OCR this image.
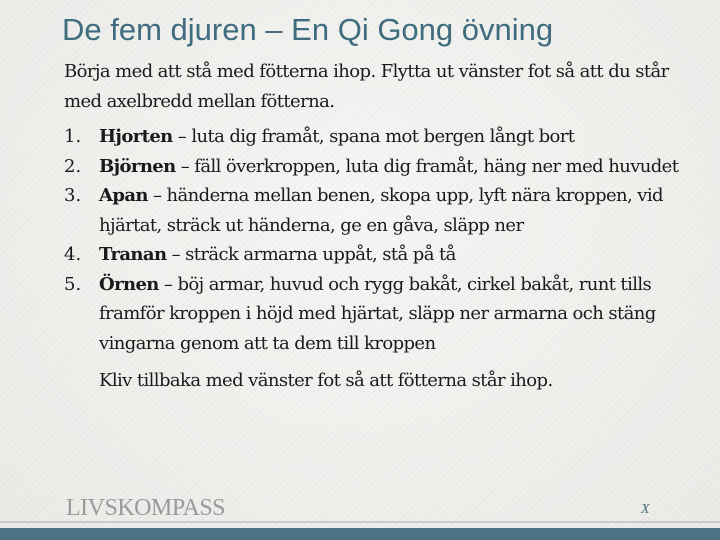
De fem djuren – En Qi Gong övning

Börja med att stå med fötterna ihop. Flytta ut vänster fot så att du står med axelbredd mellan fötterna.

1. Hjorten – luta dig framåt, spana mot bergen långt bort
2. Björnen – fäll överkroppen, luta dig framåt, häng ner med huvudet
3. Apan – händerna mellan benen, skopa upp, lyft nära kroppen, vid hjärtat, sträck ut händerna, ge en gåva, släpp ner
4. Tranan – sträck armarna uppåt, stå på tå
5. Örnen – böj armar, huvud och rygg bakåt, cirkel bakåt, runt tills framför kroppen i höjd med hjärtat, släpp ner armarna och stäng vingarna genom att ta dem till kroppen

Kliv tillbaka med vänster fot så att fötterna står ihop.

LIVSKOMPASS	X
